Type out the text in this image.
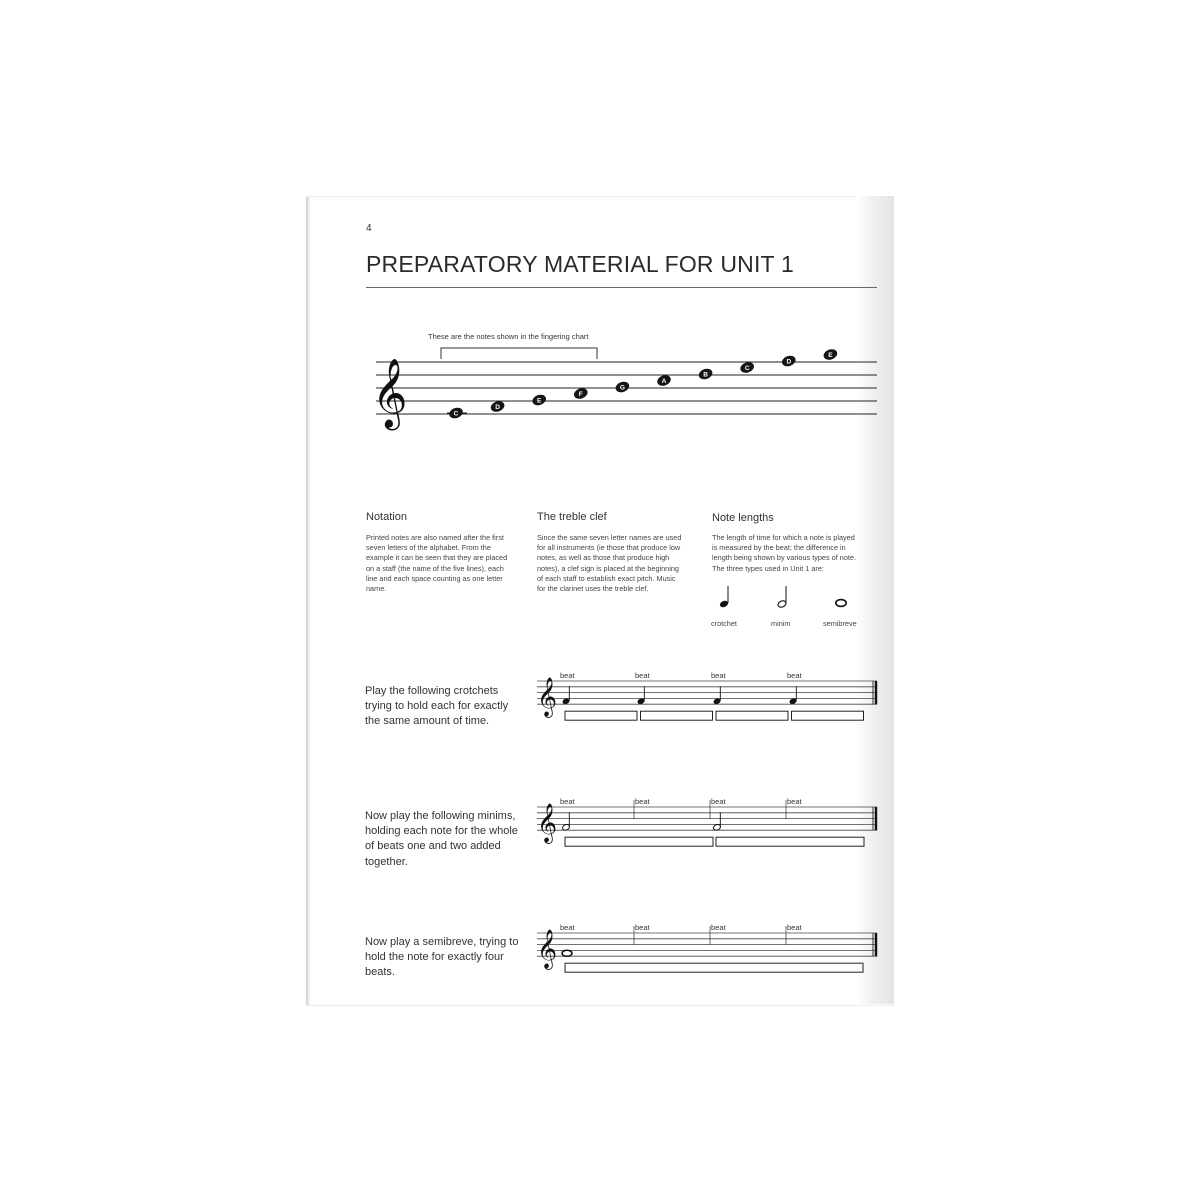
4

PREPARATORY MATERIAL FOR UNIT 1
𝄞
These are the notes shown in the fingering chart
C
D
E
F
G
A
B
C
D
E
Notation
Printed notes are also named after the first
seven letters of the alphabet. From the
example it can be seen that they are placed
on a staff (the name of the five lines), each
line and each space counting as one letter
name.
The treble clef
Since the same seven letter names are used
for all instruments (ie those that produce low
notes, as well as those that produce high
notes), a clef sign is placed at the beginning
of each staff to establish exact pitch. Music
for the clarinet uses the treble clef.
Note lengths
The length of time for which a note is played
is measured by the beat; the difference in
length being shown by various types of note.
The three types used in Unit 1 are:
crotchet	minim	semibreve
Play the following crotchets
trying to hold each for exactly
the same amount of time.
Now play the following minims,
holding each note for the whole
of beats one and two added
together.
Now play a semibreve, trying to
hold the note for exactly four
beats.
𝄞
beat	beat	beat	beat
𝄞
beat	beat	beat	beat
𝄞
beat	beat	beat	beat
